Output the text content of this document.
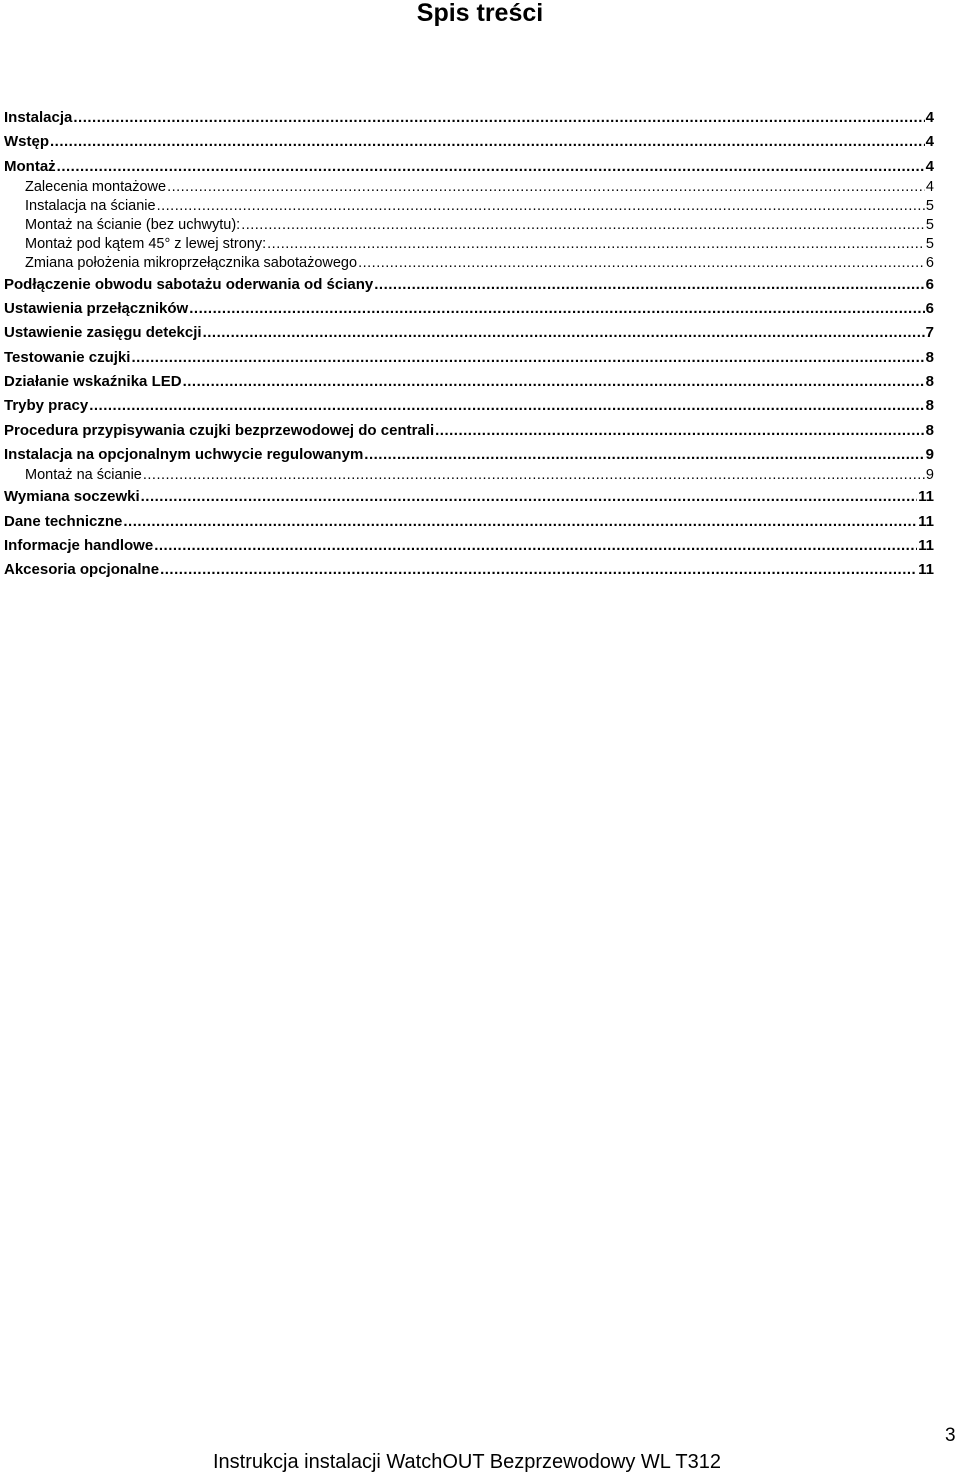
Spis treści
Instalacja .....	4
Wstęp .....	4
Montaż .....	4
Zalecenia montażowe .....	4
Instalacja na ścianie .....	5
Montaż na ścianie (bez uchwytu): .....	5
Montaż pod kątem 45° z lewej strony: .....	5
Zmiana położenia mikroprzełącznika sabotażowego .....	6
Podłączenie obwodu sabotażu oderwania od ściany .....	6
Ustawienia przełączników .....	6
Ustawienie zasięgu detekcji .....	7
Testowanie czujki .....	8
Działanie wskaźnika LED .....	8
Tryby pracy .....	8
Procedura przypisywania czujki bezprzewodowej do centrali .....	8
Instalacja na opcjonalnym uchwycie regulowanym .....	9
Montaż na ścianie .....	9
Wymiana soczewki .....	11
Dane techniczne .....	11
Informacje handlowe .....	11
Akcesoria opcjonalne .....	11
3
Instrukcja instalacji WatchOUT Bezprzewodowy WL T312
